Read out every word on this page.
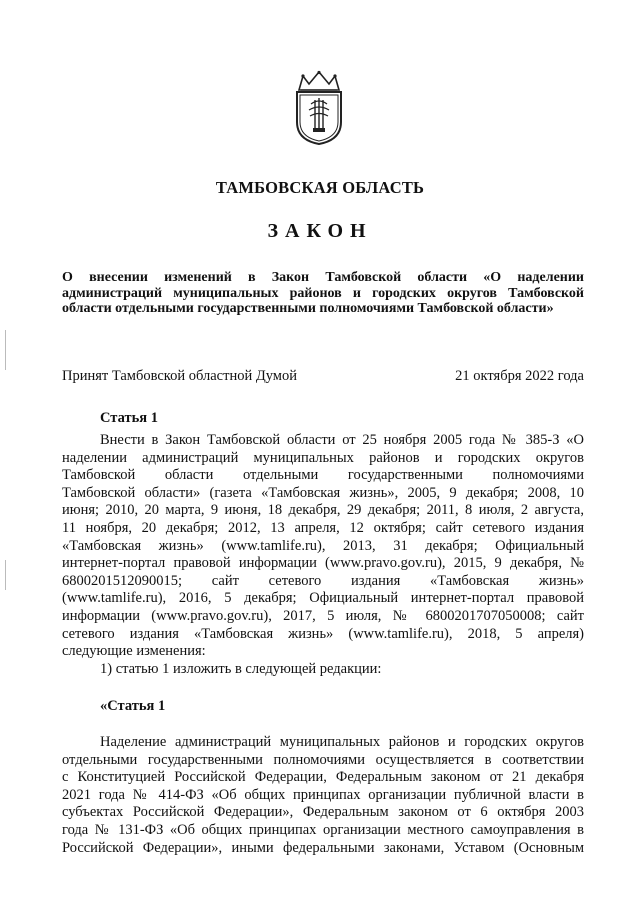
ТАМБОВСКАЯ ОБЛАСТЬ
ЗАКОН
О внесении изменений в Закон Тамбовской области «О наделении администраций муниципальных районов и городских округов Тамбовской области отдельными государственными полномочиями Тамбовской области»
Принят Тамбовской областной Думой	21 октября 2022 года
Статья 1
Внести в Закон Тамбовской области от 25 ноября 2005 года № 385-З «О
наделении администраций муниципальных районов и городских округов
Тамбовской области отдельными государственными полномочиями
Тамбовской области» (газета «Тамбовская жизнь», 2005, 9 декабря; 2008, 10
июня; 2010, 20 марта, 9 июня, 18 декабря, 29 декабря; 2011, 8 июля, 2 августа,
11 ноября, 20 декабря; 2012, 13 апреля, 12 октября; сайт сетевого издания
«Тамбовская жизнь» (www.tamlife.ru), 2013, 31 декабря; Официальный
интернет-портал правовой информации (www.pravo.gov.ru), 2015, 9 декабря, №
6800201512090015; сайт сетевого издания «Тамбовская жизнь»
(www.tamlife.ru), 2016, 5 декабря; Официальный интернет-портал правовой
информации (www.pravo.gov.ru), 2017, 5 июля, № 6800201707050008; сайт
сетевого издания «Тамбовская жизнь» (www.tamlife.ru), 2018, 5 апреля)
следующие изменения:
1) статью 1 изложить в следующей редакции:
«Статья 1
Наделение администраций муниципальных районов и городских округов
отдельными государственными полномочиями осуществляется в соответствии
с Конституцией Российской Федерации, Федеральным законом от 21 декабря
2021 года № 414-ФЗ «Об общих принципах организации публичной власти в
субъектах Российской Федерации», Федеральным законом от 6 октября 2003
года № 131-ФЗ «Об общих принципах организации местного самоуправления в
Российской Федерации», иными федеральными законами, Уставом (Основным
